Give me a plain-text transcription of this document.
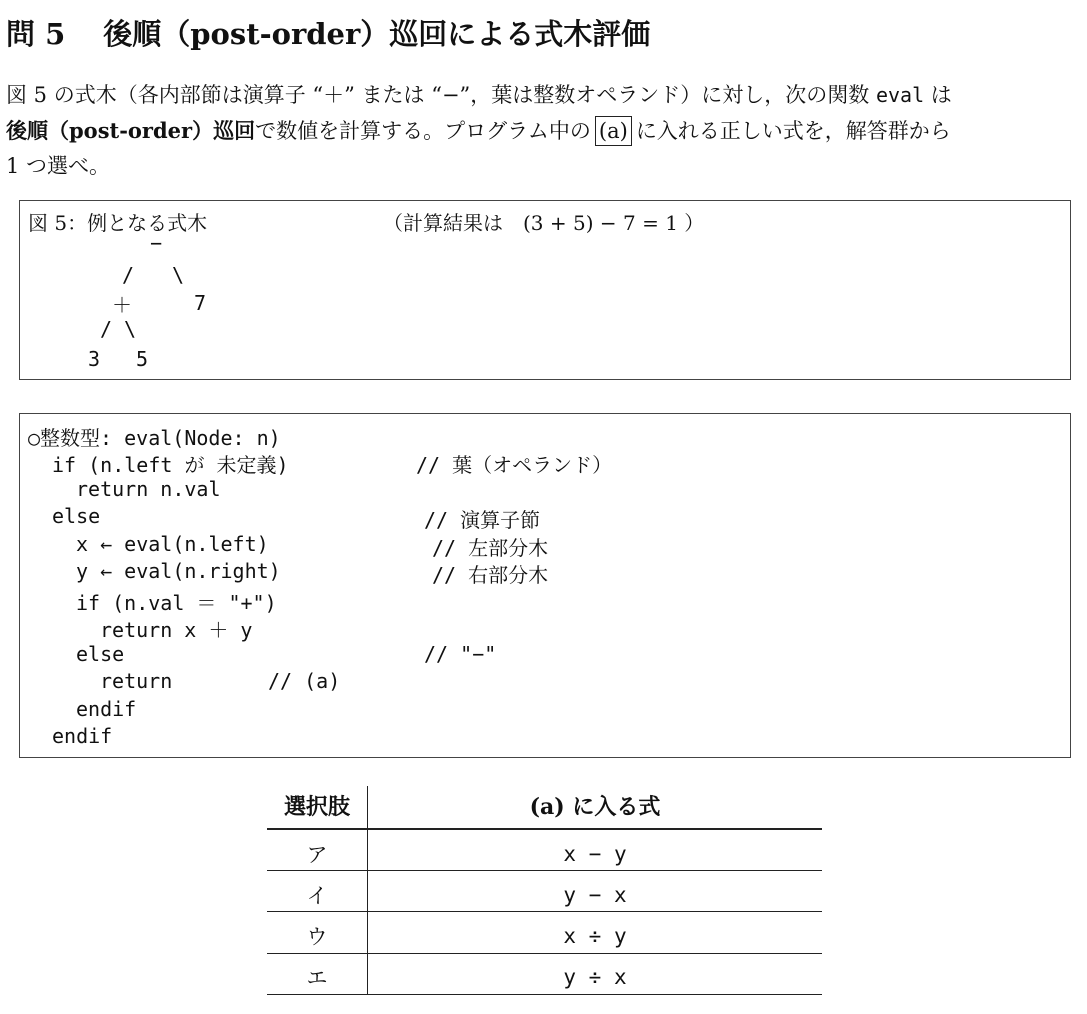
問 5 後順（post-order）巡回による式木評価
図 5 の式木（各内部節は演算子 “＋” または “−”，葉は整数オペランド）に対し，次の関数 eval は
後順（post-order）巡回で数値を計算する。プログラム中の (a) に入れる正しい式を，解答群から
1 つ選べ。
図 5：例となる式木	（計算結果は　(3 + 5) − 7 = 1 ）
−
/ \
＋	7
/ \
3 5
○整数型: eval(Node: n)
if (n.left が 未定義)
return n.val
else
x ← eval(n.left)
y ← eval(n.right)
if (n.val ＝ "+")
return x ＋ y
else
return
endif
endif
// 葉（オペランド）
// 演算子節
// 左部分木
// 右部分木
// "−"
// (a)
選択肢	(a) に入る式
ア	x − y
イ	y − x
ウ	x ÷ y
エ	y ÷ x
